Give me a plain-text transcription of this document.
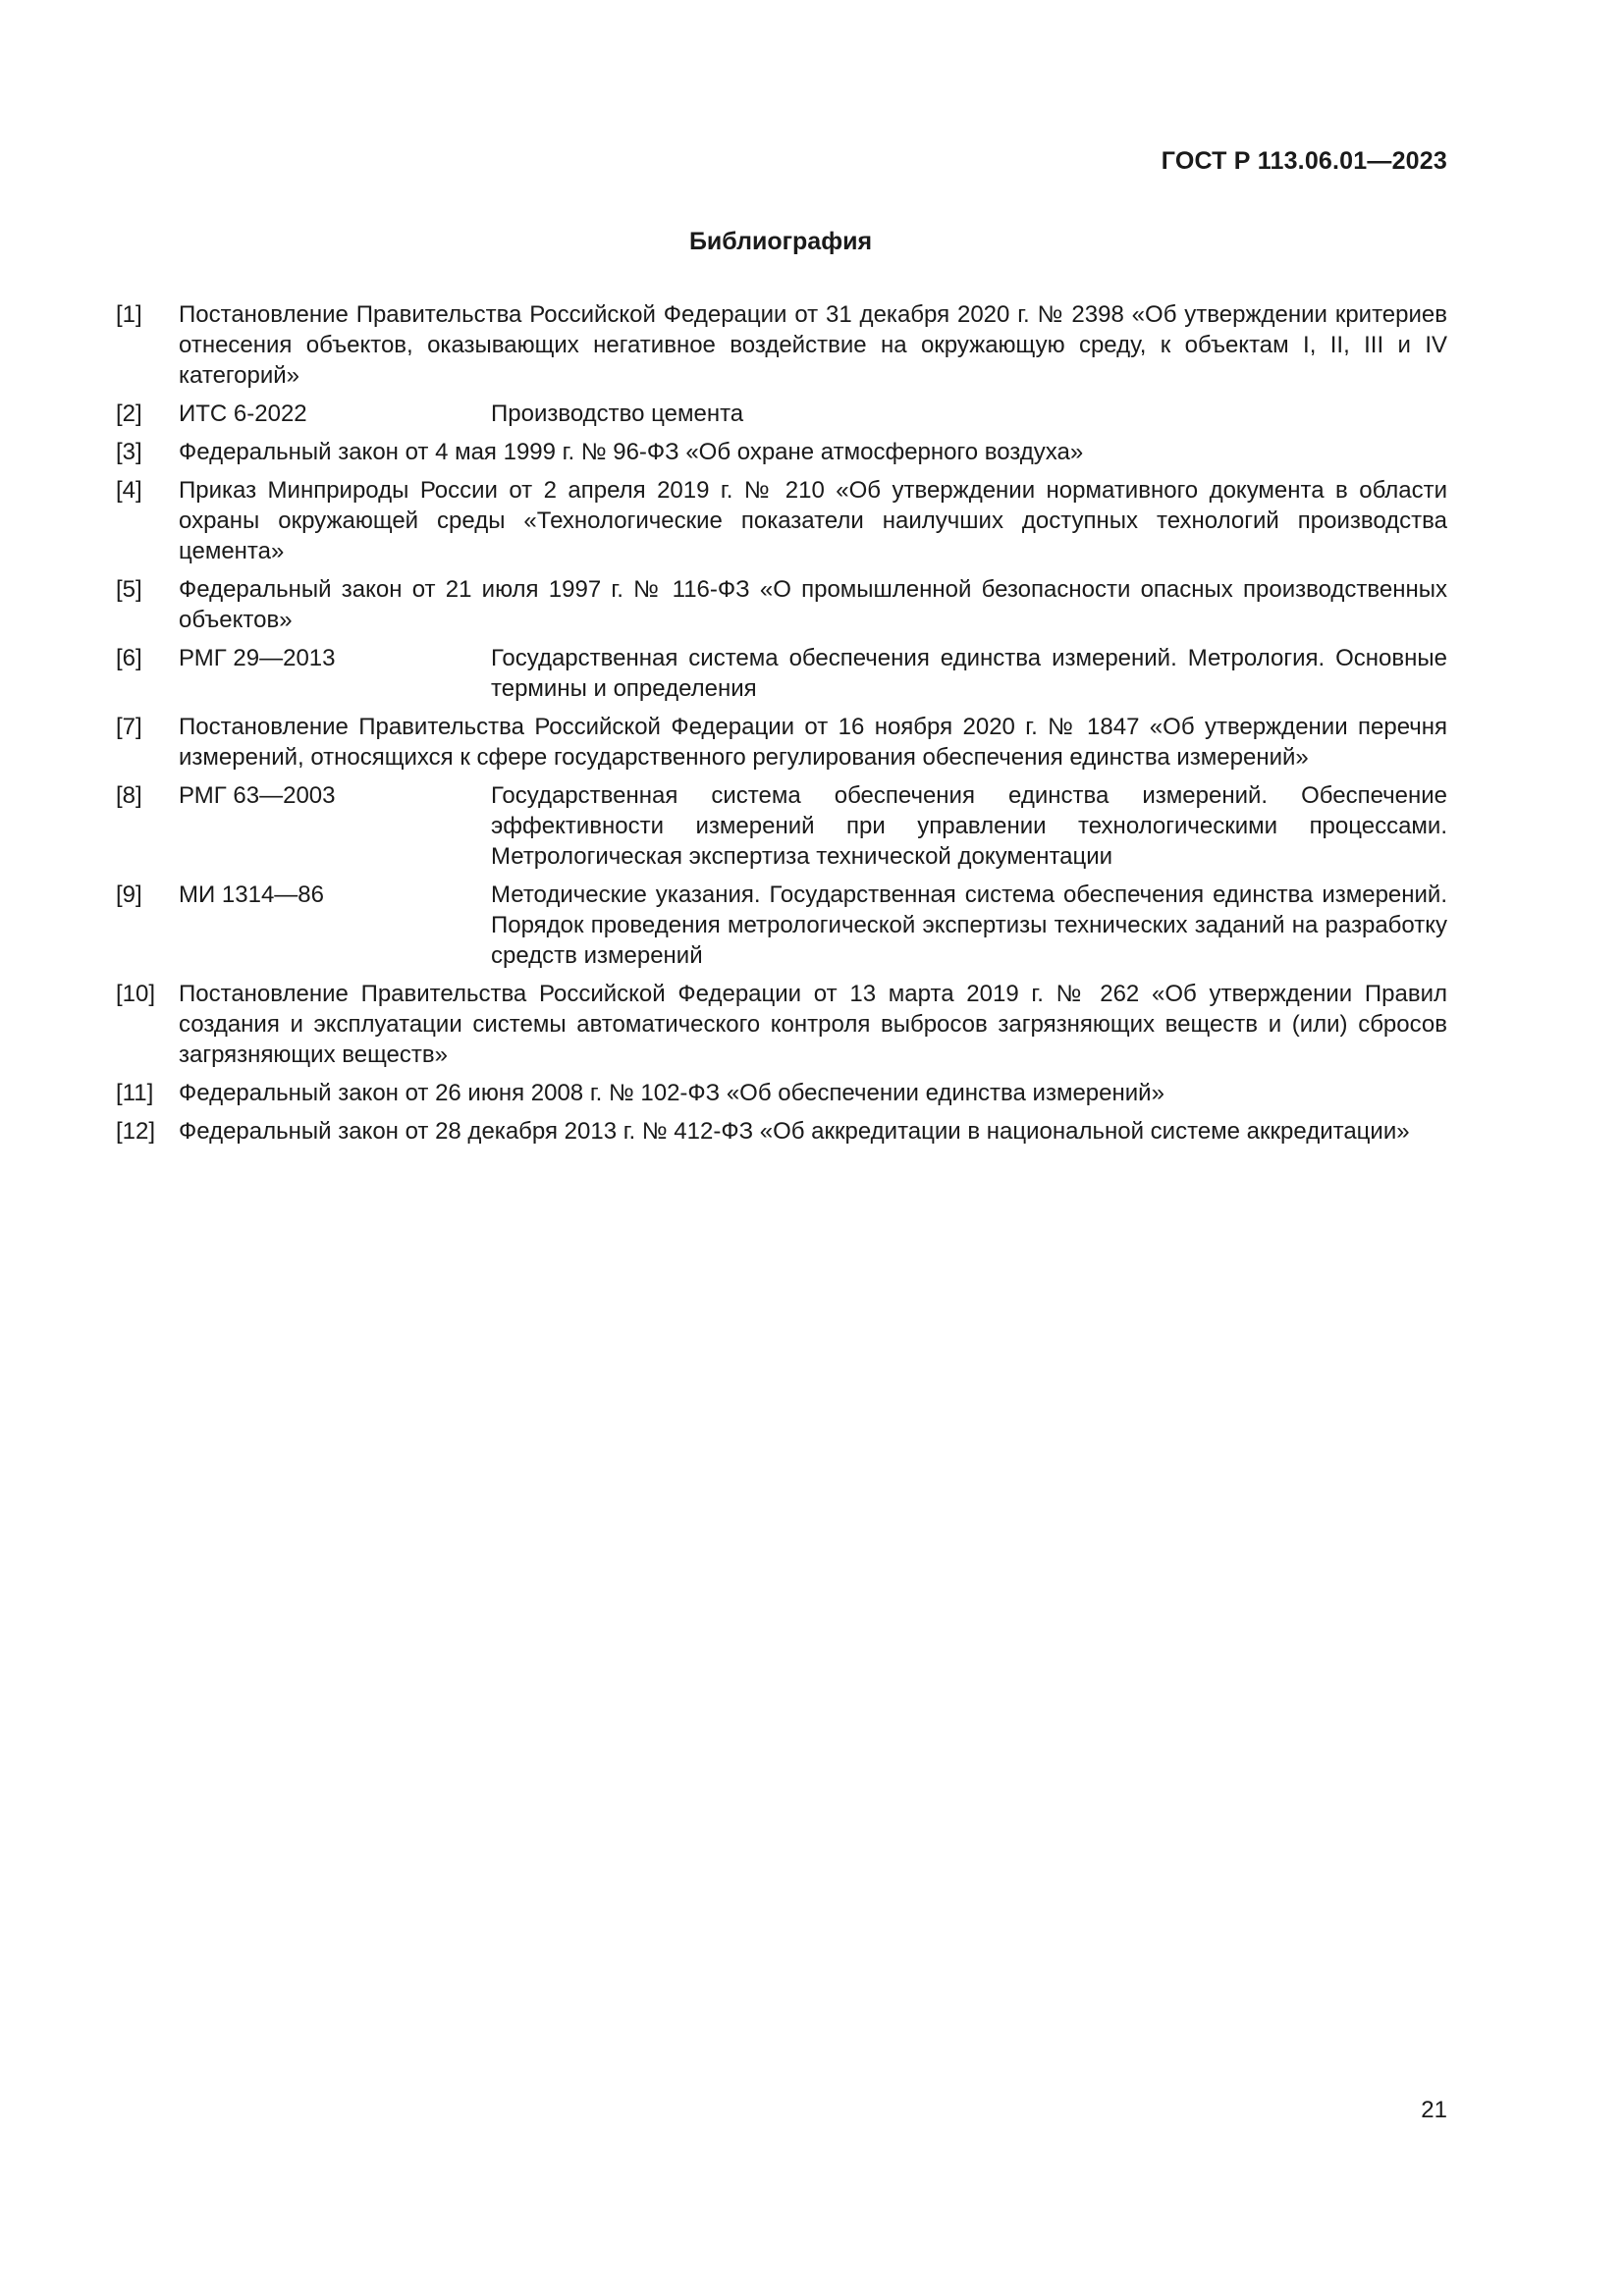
ГОСТ Р 113.06.01—2023
Библиография
[1]	Постановление Правительства Российской Федерации от 31 декабря 2020 г. № 2398 «Об утверждении критериев отнесения объектов, оказывающих негативное воздействие на окружающую среду, к объектам I, II, III и IV категорий»
[2]	ИТС 6-2022	Производство цемента
[3]	Федеральный закон от 4 мая 1999 г. № 96-ФЗ «Об охране атмосферного воздуха»
[4]	Приказ Минприроды России от 2 апреля 2019 г. № 210 «Об утверждении нормативного документа в области охраны окружающей среды «Технологические показатели наилучших доступных технологий производства цемента»
[5]	Федеральный закон от 21 июля 1997 г. № 116-ФЗ «О промышленной безопасности опасных производственных объектов»
[6]	РМГ 29—2013	Государственная система обеспечения единства измерений. Метрология. Основные термины и определения
[7]	Постановление Правительства Российской Федерации от 16 ноября 2020 г. № 1847 «Об утверждении перечня измерений, относящихся к сфере государственного регулирования обеспечения единства измерений»
[8]	РМГ 63—2003	Государственная система обеспечения единства измерений. Обеспечение эффективности измерений при управлении технологическими процессами. Метрологическая экспертиза технической документации
[9]	МИ 1314—86	Методические указания. Государственная система обеспечения единства измерений. Порядок проведения метрологической экспертизы технических заданий на разработку средств измерений
[10] Постановление Правительства Российской Федерации от 13 марта 2019 г. № 262 «Об утверждении Правил создания и эксплуатации системы автоматического контроля выбросов загрязняющих веществ и (или) сбросов загрязняющих веществ»
[11]	Федеральный закон от 26 июня 2008 г. № 102-ФЗ «Об обеспечении единства измерений»
[12] Федеральный закон от 28 декабря 2013 г. № 412-ФЗ «Об аккредитации в национальной системе аккредитации»
21
